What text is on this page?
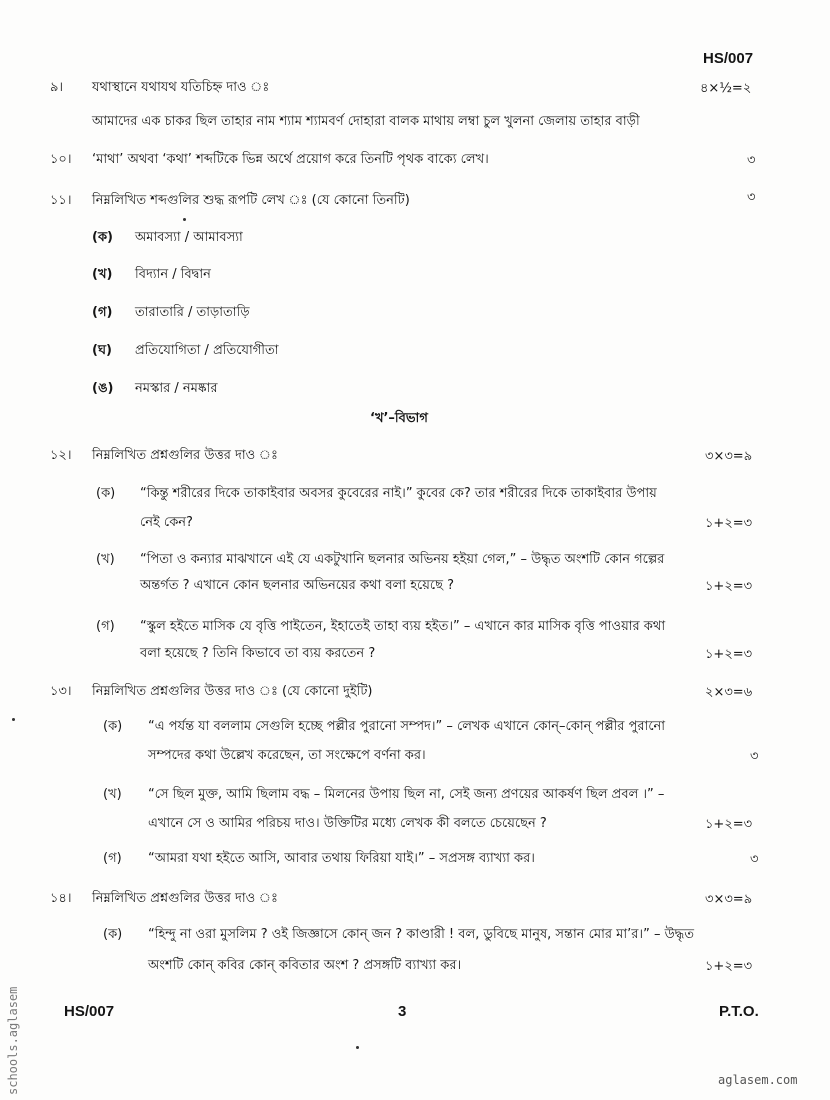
HS/007
৯। যথাস্থানে যথাযথ যতিচিহ্ন দাও ঃ	৪×½=২
আমাদের এক চাকর ছিল তাহার নাম শ্যাম শ্যামবর্ণ দোহারা বালক মাথায় লম্বা চুল খুলনা জেলায় তাহার বাড়ী
১০। ‘মাথা’ অথবা ‘কথা’ শব্দটিকে ভিন্ন অর্থে প্রয়োগ করে তিনটি পৃথক বাক্যে লেখ।	৩
১১। নিম্নলিখিত শব্দগুলির শুদ্ধ রূপটি লেখ ঃ (যে কোনো তিনটি)	৩
(ক) অমাবস্যা / আমাবস্যা
(খ) বিদ্যান / বিদ্বান
(গ) তারাতারি / তাড়াতাড়ি
(ঘ) প্রতিযোগিতা / প্রতিযোগীতা
(ঙ) নমস্কার / নমষ্কার
‘খ’–বিভাগ
১২। নিম্নলিখিত প্রশ্নগুলির উত্তর দাও ঃ	৩×৩=৯
(ক) “কিন্তু শরীরের দিকে তাকাইবার অবসর কুবেরের নাই।” কুবের কে? তার শরীরের দিকে তাকাইবার উপায়
নেই কেন?	১+২=৩
(খ) “পিতা ও কন্যার মাঝখানে এই যে একটুখানি ছলনার অভিনয় হইয়া গেল,” – উদ্ধৃত অংশটি কোন গল্পের
অন্তর্গত ? এখানে কোন ছলনার অভিনয়ের কথা বলা হয়েছে ?	১+২=৩
(গ) “স্কুল হইতে মাসিক যে বৃত্তি পাইতেন, ইহাতেই তাহা ব্যয় হইত।” – এখানে কার মাসিক বৃত্তি পাওয়ার কথা
বলা হয়েছে ? তিনি কিভাবে তা ব্যয় করতেন ?	১+২=৩
১৩। নিম্নলিখিত প্রশ্নগুলির উত্তর দাও ঃ (যে কোনো দুইটি)	২×৩=৬
(ক) “এ পর্যন্ত যা বললাম সেগুলি হচ্ছে পল্লীর পুরানো সম্পদ।” – লেখক এখানে কোন্–কোন্ পল্লীর পুরানো
সম্পদের কথা উল্লেখ করেছেন, তা সংক্ষেপে বর্ণনা কর।	৩
(খ) “সে ছিল মুক্ত, আমি ছিলাম বদ্ধ – মিলনের উপায় ছিল না, সেই জন্য প্রণয়ের আকর্ষণ ছিল প্রবল ।” –
এখানে সে ও আমির পরিচয় দাও। উক্তিটির মধ্যে লেখক কী বলতে চেয়েছেন ?	১+২=৩
(গ) “আমরা যথা হইতে আসি, আবার তথায় ফিরিয়া যাই।” – সপ্রসঙ্গ ব্যাখ্যা কর।	৩
১৪। নিম্নলিখিত প্রশ্নগুলির উত্তর দাও ঃ	৩×৩=৯
(ক) “হিন্দু না ওরা মুসলিম ? ওই জিজ্ঞাসে কোন্ জন ? কাণ্ডারী ! বল, ডুবিছে মানুষ, সন্তান মোর মা’র।” – উদ্ধৃত
অংশটি কোন্ কবির কোন্ কবিতার অংশ ? প্রসঙ্গটি ব্যাখ্যা কর।	১+২=৩
HS/007	3	P.T.O.
schools.aglasem	aglasem.com
